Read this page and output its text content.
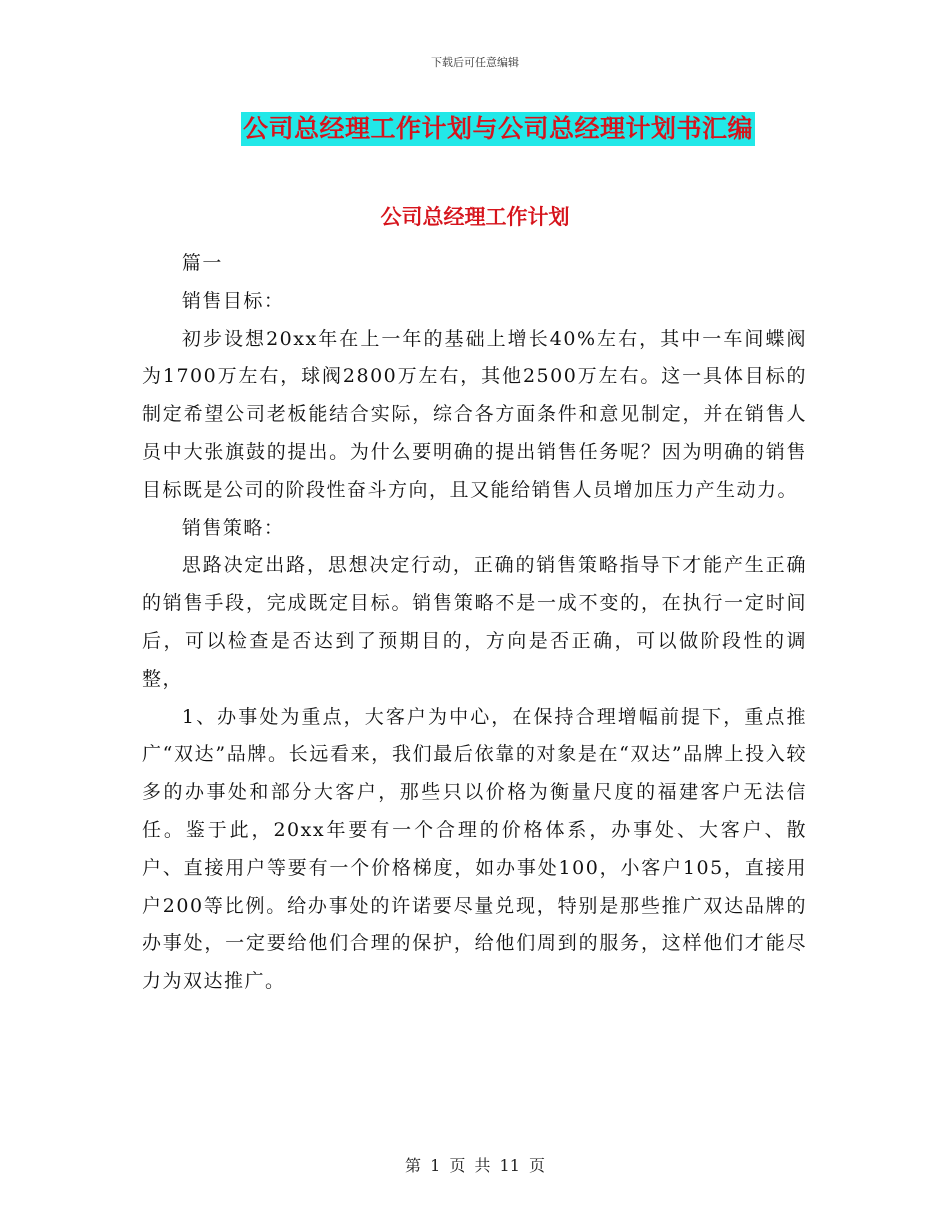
下载后可任意编辑
公司总经理工作计划与公司总经理计划书汇编
公司总经理工作计划

篇一

销售目标：

初步设想20xx年在上一年的基础上增长40%左右，其中一车间蝶阀为1700万左右，球阀2800万左右，其他2500万左右。这一具体目标的制定希望公司老板能结合实际，综合各方面条件和意见制定，并在销售人员中大张旗鼓的提出。为什么要明确的提出销售任务呢？因为明确的销售目标既是公司的阶段性奋斗方向，且又能给销售人员增加压力产生动力。

销售策略：

思路决定出路，思想决定行动，正确的销售策略指导下才能产生正确的销售手段，完成既定目标。销售策略不是一成不变的，在执行一定时间后，可以检查是否达到了预期目的，方向是否正确，可以做阶段性的调整，

1、办事处为重点，大客户为中心，在保持合理增幅前提下，重点推广“双达”品牌。长远看来，我们最后依靠的对象是在“双达”品牌上投入较多的办事处和部分大客户，那些只以价格为衡量尺度的福建客户无法信任。鉴于此，20xx年要有一个合理的价格体系，办事处、大客户、散户、直接用户等要有一个价格梯度，如办事处100，小客户105，直接用户200等比例。给办事处的许诺要尽量兑现，特别是那些推广双达品牌的办事处，一定要给他们合理的保护，给他们周到的服务，这样他们才能尽力为双达推广。

第 1 页 共 11 页
